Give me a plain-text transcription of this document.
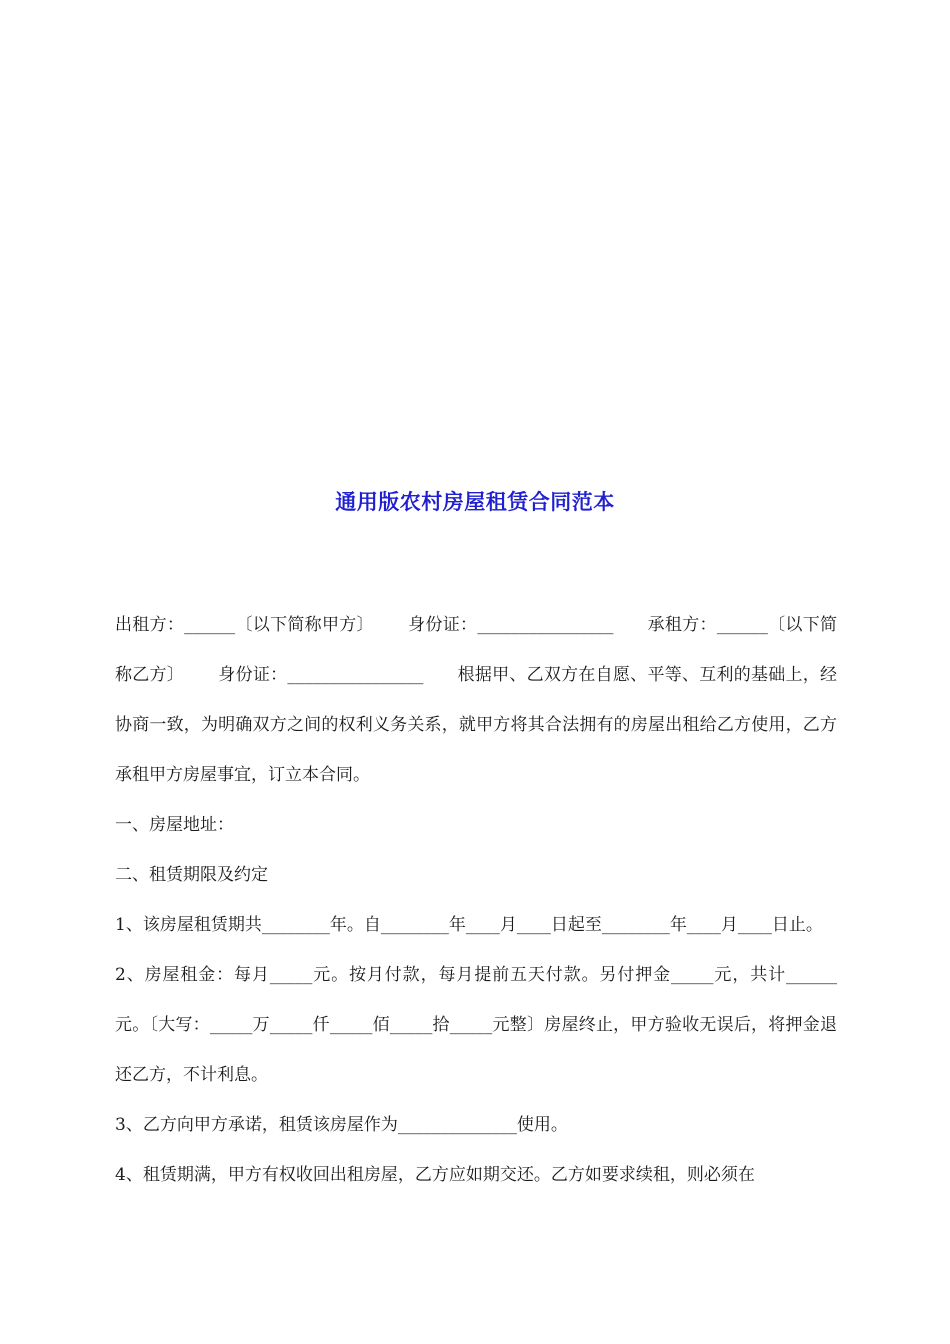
通用版农村房屋租赁合同范本

出租方：______〔以下简称甲方〕 身份证：________________ 承租方：______〔以下简称乙方〕 身份证：________________ 根据甲、乙双方在自愿、平等、互利的基础上，经协商一致，为明确双方之间的权利义务关系，就甲方将其合法拥有的房屋出租给乙方使用，乙方承租甲方房屋事宜，订立本合同。

一、房屋地址：

二、租赁期限及约定

1、该房屋租赁期共________年。自________年____月____日起至________年____月____日止。

2、房屋租金：每月_____元。按月付款，每月提前五天付款。另付押金_____元，共计______元。〔大写：_____万_____仟_____佰_____拾_____元整〕房屋终止，甲方验收无误后，将押金退还乙方，不计利息。

3、乙方向甲方承诺，租赁该房屋作为______________使用。

4、租赁期满，甲方有权收回出租房屋，乙方应如期交还。乙方如要求续租，则必须在
